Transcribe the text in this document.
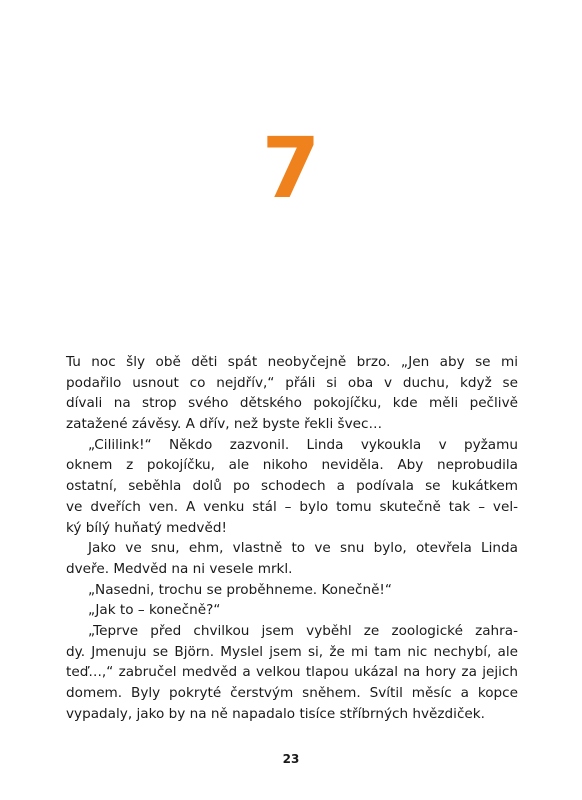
7
Tu noc šly obě děti spát neobyčejně brzo. „Jen aby se mi
podařilo usnout co nejdřív,“ přáli si oba v duchu, když se
dívali na strop svého dětského pokojíčku, kde měli pečlivě
zatažené závěsy. A dřív, než byste řekli švec…
„Cililink!“ Někdo zazvonil. Linda vykoukla v pyžamu
oknem z pokojíčku, ale nikoho neviděla. Aby neprobudila
ostatní, seběhla dolů po schodech a podívala se kukátkem
ve dveřích ven. A venku stál – bylo tomu skutečně tak – vel-
ký bílý huňatý medvěd!
Jako ve snu, ehm, vlastně to ve snu bylo, otevřela Linda
dveře. Medvěd na ni vesele mrkl.
„Nasedni, trochu se proběhneme. Konečně!“
„Jak to – konečně?“
„Teprve před chvilkou jsem vyběhl ze zoologické zahra-
dy. Jmenuju se Björn. Myslel jsem si, že mi tam nic nechybí, ale
teď…,“ zabručel medvěd a velkou tlapou ukázal na hory za jejich
domem. Byly pokryté čerstvým sněhem. Svítil měsíc a kopce
vypadaly, jako by na ně napadalo tisíce stříbrných hvězdiček.
23
